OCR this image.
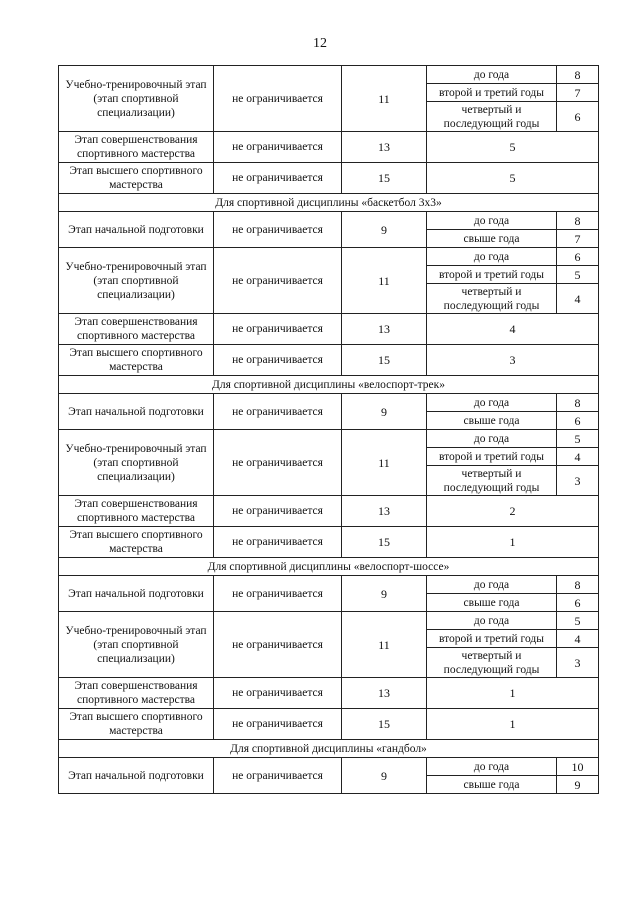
12
Учебно-тренировочный этап (этап спортивной специализации)	не ограничивается	11	до года	8
			второй и третий годы	7
			четвертый и последующий годы	6
Этап совершенствования спортивного мастерства	не ограничивается	13	5	
Этап высшего спортивного мастерства	не ограничивается	15	5	
Для спортивной дисциплины «баскетбол 3х3»				
Этап начальной подготовки	не ограничивается	9	до года	8
			свыше года	7
Учебно-тренировочный этап (этап спортивной специализации)	не ограничивается	11	до года	6
			второй и третий годы	5
			четвертый и последующий годы	4
Этап совершенствования спортивного мастерства	не ограничивается	13	4	
Этап высшего спортивного мастерства	не ограничивается	15	3	
Для спортивной дисциплины «велоспорт-трек»				
Этап начальной подготовки	не ограничивается	9	до года	8
			свыше года	6
Учебно-тренировочный этап (этап спортивной специализации)	не ограничивается	11	до года	5
			второй и третий годы	4
			четвертый и последующий годы	3
Этап совершенствования спортивного мастерства	не ограничивается	13	2	
Этап высшего спортивного мастерства	не ограничивается	15	1	
Для спортивной дисциплины «велоспорт-шоссе»				
Этап начальной подготовки	не ограничивается	9	до года	8
			свыше года	6
Учебно-тренировочный этап (этап спортивной специализации)	не ограничивается	11	до года	5
			второй и третий годы	4
			четвертый и последующий годы	3
Этап совершенствования спортивного мастерства	не ограничивается	13	1	
Этап высшего спортивного мастерства	не ограничивается	15	1	
Для спортивной дисциплины «гандбол»				
Этап начальной подготовки	не ограничивается	9	до года	10
			свыше года	9
